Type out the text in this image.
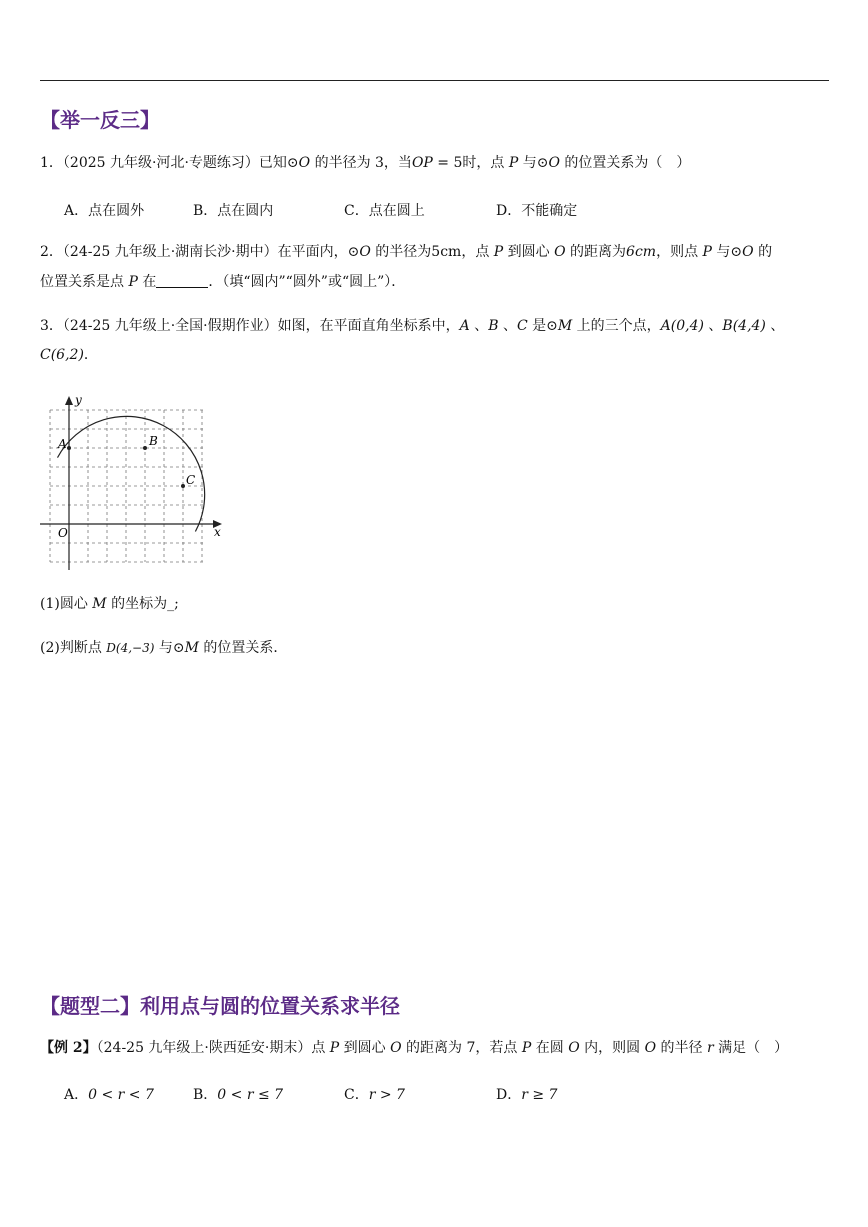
【举一反三】
1．（2025 九年级·河北·专题练习）已知⊙O 的半径为 3，当OP = 5时，点 P 与⊙O 的位置关系为（　）
A．点在圆外	B．点在圆内	C．点在圆上	D．不能确定
2．（24-25 九年级上·湖南长沙·期中）在平面内，⊙O 的半径为5cm，点 P 到圆心 O 的距离为6cm，则点 P 与⊙O 的
位置关系是点 P 在	．（填“圆内”“圆外”或“圆上”）．
3．（24-25 九年级上·全国·假期作业）如图，在平面直角坐标系中，A 、B 、C 是⊙M 上的三个点，A(0,4) 、B(4,4) 、
C(6,2)．
y
x
O
A	B
C
(1)圆心 M 的坐标为_;
(2)判断点 D(4,−3) 与⊙M 的位置关系．
【题型二】利用点与圆的位置关系求半径
【例 2】（24-25 九年级上·陕西延安·期末）点 P 到圆心 O 的距离为 7，若点 P 在圆 O 内，则圆 O 的半径 r 满足（　）
A．0 < r < 7	B．0 < r ≤ 7	C．r > 7	D．r ≥ 7
